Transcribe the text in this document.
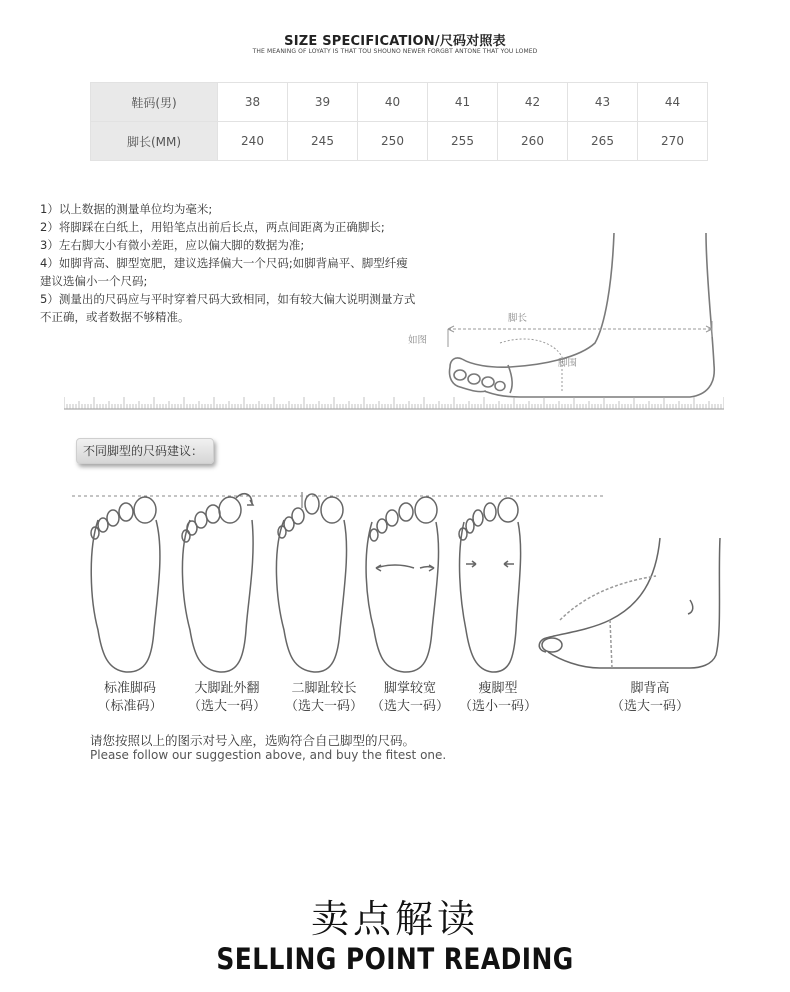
SIZE SPECIFICATION/尺码对照表
THE MEANING OF LOYATY IS THAT TOU SHOUNO NEWER FORGBT ANTONE THAT YOU LOMED
鞋码(男)	38	39	40	41	42	43	44
脚长(MM)	240	245	250	255	260	265	270
1）以上数据的测量单位均为毫米;
2）将脚踩在白纸上，用铅笔点出前后长点，两点间距离为正确脚长;
3）左右脚大小有微小差距，应以偏大脚的数据为准;
4）如脚背高、脚型宽肥，建议选择偏大一个尺码;如脚背扁平、脚型纤瘦
建议选偏小一个尺码;
5）测量出的尺码应与平时穿着尺码大致相同，如有较大偏大说明测量方式
不正确，或者数据不够精准。	脚长
如图
脚围
不同脚型的尺码建议：
标准脚码
（标准码）
大脚趾外翻
（选大一码）
二脚趾较长
（选大一码）
脚掌较宽
（选大一码）
瘦脚型
（选小一码）
脚背高
（选大一码）
请您按照以上的图示对号入座，选购符合自己脚型的尺码。
Please follow our suggestion above, and buy the fitest one.
卖点解读
SELLING POINT READING
